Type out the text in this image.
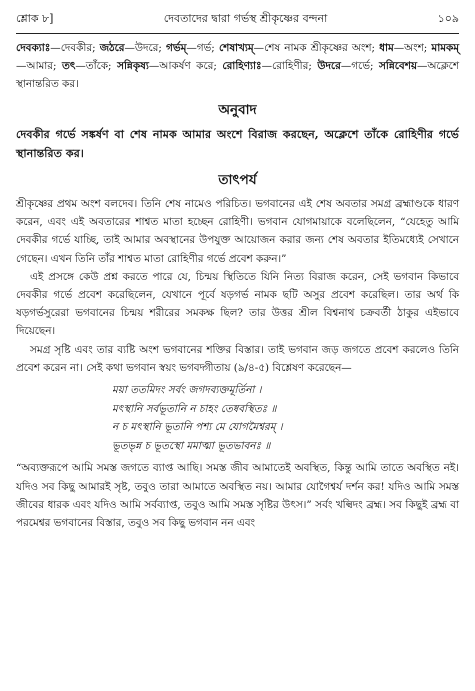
শ্লোক ৮]	দেবতাদের দ্বারা গর্ভস্থ শ্রীকৃষ্ণের বন্দনা	১০৯
দেবক্যাঃ—দেবকীর; জঠরে—উদরে; গর্ভম্—গর্ভ; শেষাখ্যম্—শেষ নামক শ্রীকৃষ্ণের অংশ; ধাম—অংশ; মামকম্—আমার; তৎ—তাঁকে; সন্নিকৃষ্য—আকর্ষণ করে; রোহিণ্যাঃ—রোহিণীর; উদরে—গর্ভে; সন্নিবেশয়—অক্লেশে স্থানান্তরিত কর।
অনুবাদ
দেবকীর গর্ভে সঙ্কর্ষণ বা শেষ নামক আমার অংশে বিরাজ করছেন, অক্লেশে তাঁকে রোহিণীর গর্ভে স্থানান্তরিত কর।
তাৎপর্য

শ্রীকৃষ্ণের প্রথম অংশ বলদেব। তিনি শেষ নামেও পরিচিত। ভগবানের এই শেষ অবতার সমগ্র ব্রহ্মাণ্ডকে ধারণ করেন, এবং এই অবতারের শাশ্বত মাতা হচ্ছেন রোহিণী। ভগবান যোগমায়াকে বলেছিলেন, “যেহেতু আমি দেবকীর গর্ভে যাচ্ছি, তাই আমার অবস্থানের উপযুক্ত আয়োজন করার জন্য শেষ অবতার ইতিমধ্যেই সেখানে গেছেন। এখন তিনি তাঁর শাশ্বত মাতা রোহিণীর গর্ভে প্রবেশ করুন।”

এই প্রসঙ্গে কেউ প্রশ্ন করতে পারে যে, চিন্ময় স্থিতিতে যিনি নিত্য বিরাজ করেন, সেই ভগবান কিভাবে দেবকীর গর্ভে প্রবেশ করেছিলেন, যেখানে পূর্বে ষড়গর্ভ নামক ছটি অসুর প্রবেশ করেছিল। তার অর্থ কি ষড়গর্ভসুরেরা ভগবানের চিন্ময় শরীরের সমকক্ষ ছিল? তার উত্তর শ্রীল বিশ্বনাথ চক্রবর্তী ঠাকুর এইভাবে দিয়েছেন।

সমগ্র সৃষ্টি এবং তার ব্যষ্টি অংশ ভগবানের শক্তির বিস্তার। তাই ভগবান জড় জগতে প্রবেশ করলেও তিনি প্রবেশ করেন না। সেই কথা ভগবান স্বয়ং ভগবদ্গীতায় (৯/৪-৫) বিশ্লেষণ করেছেন—

ময়া ততমিদং সর্বং জগদব্যক্তমূর্তিনা ।
মৎস্থানি সর্বভূতানি ন চাহং তেষ্ববস্থিতঃ ॥
ন চ মৎস্থানি ভূতানি পশ্য মে যোগমৈশ্বরম্ ।
ভূতভৃন্ন চ ভূতস্থো মমাত্মা ভূতভাবনঃ ॥

“অব্যক্তরূপে আমি সমস্ত জগতে ব্যাপ্ত আছি। সমস্ত জীব আমাতেই অবস্থিত, কিন্তু আমি তাতে অবস্থিত নই। যদিও সব কিছু আমারই সৃষ্ট, তবুও তারা আমাতে অবস্থিত নয়। আমার যোগৈশ্বর্য দর্শন কর! যদিও আমি সমস্ত জীবের ধারক এবং যদিও আমি সর্বব্যাপ্ত, তবুও আমি সমস্ত সৃষ্টির উৎস।” সর্বং খল্বিদং ব্রহ্ম। সব কিছুই ব্রহ্ম বা পরমেশ্বর ভগবানের বিস্তার, তবুও সব কিছু ভগবান নন এবং
